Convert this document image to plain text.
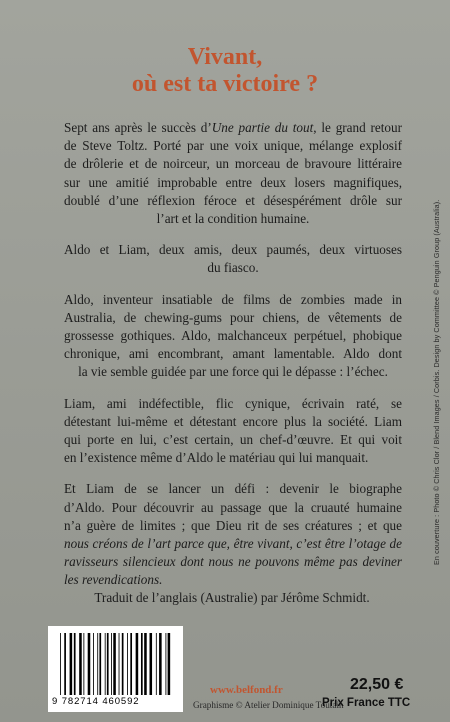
Vivant,
où est ta victoire ?
Sept ans après le succès d’Une partie du tout, le grand retour
de Steve Toltz. Porté par une voix unique, mélange explosif
de drôlerie et de noirceur, un morceau de bravoure littéraire
sur une amitié improbable entre deux losers magnifiques,
doublé d’une réflexion féroce et désespérément drôle sur
l’art et la condition humaine.
Aldo et Liam, deux amis, deux paumés, deux virtuoses
du fiasco.
Aldo, inventeur insatiable de films de zombies made in
Australia, de chewing-gums pour chiens, de vêtements de
grossesse gothiques. Aldo, malchanceux perpétuel, phobique
chronique, ami encombrant, amant lamentable. Aldo dont
la vie semble guidée par une force qui le dépasse : l’échec.
Liam, ami indéfectible, flic cynique, écrivain raté, se
détestant lui-même et détestant encore plus la société. Liam
qui porte en lui, c’est certain, un chef-d’œuvre. Et qui voit
en l’existence même d’Aldo le matériau qui lui manquait.
Et Liam de se lancer un défi : devenir le biographe
d’Aldo. Pour découvrir au passage que la cruauté humaine
n’a guère de limites ; que Dieu rit de ses créatures ; et que
nous créons de l’art parce que, être vivant, c’est être l’otage de
ravisseurs silencieux dont nous ne pouvons même pas deviner
les revendications.
Traduit de l’anglais (Australie) par Jérôme Schmidt.
En couverture : Photo © Chris Clor / Blend Images / Corbis. Design by Committee © Penguin Group (Australia).
9 782714 460592
www.belfond.fr
Graphisme © Atelier Dominique Toutain
22,50 €
Prix France TTC
